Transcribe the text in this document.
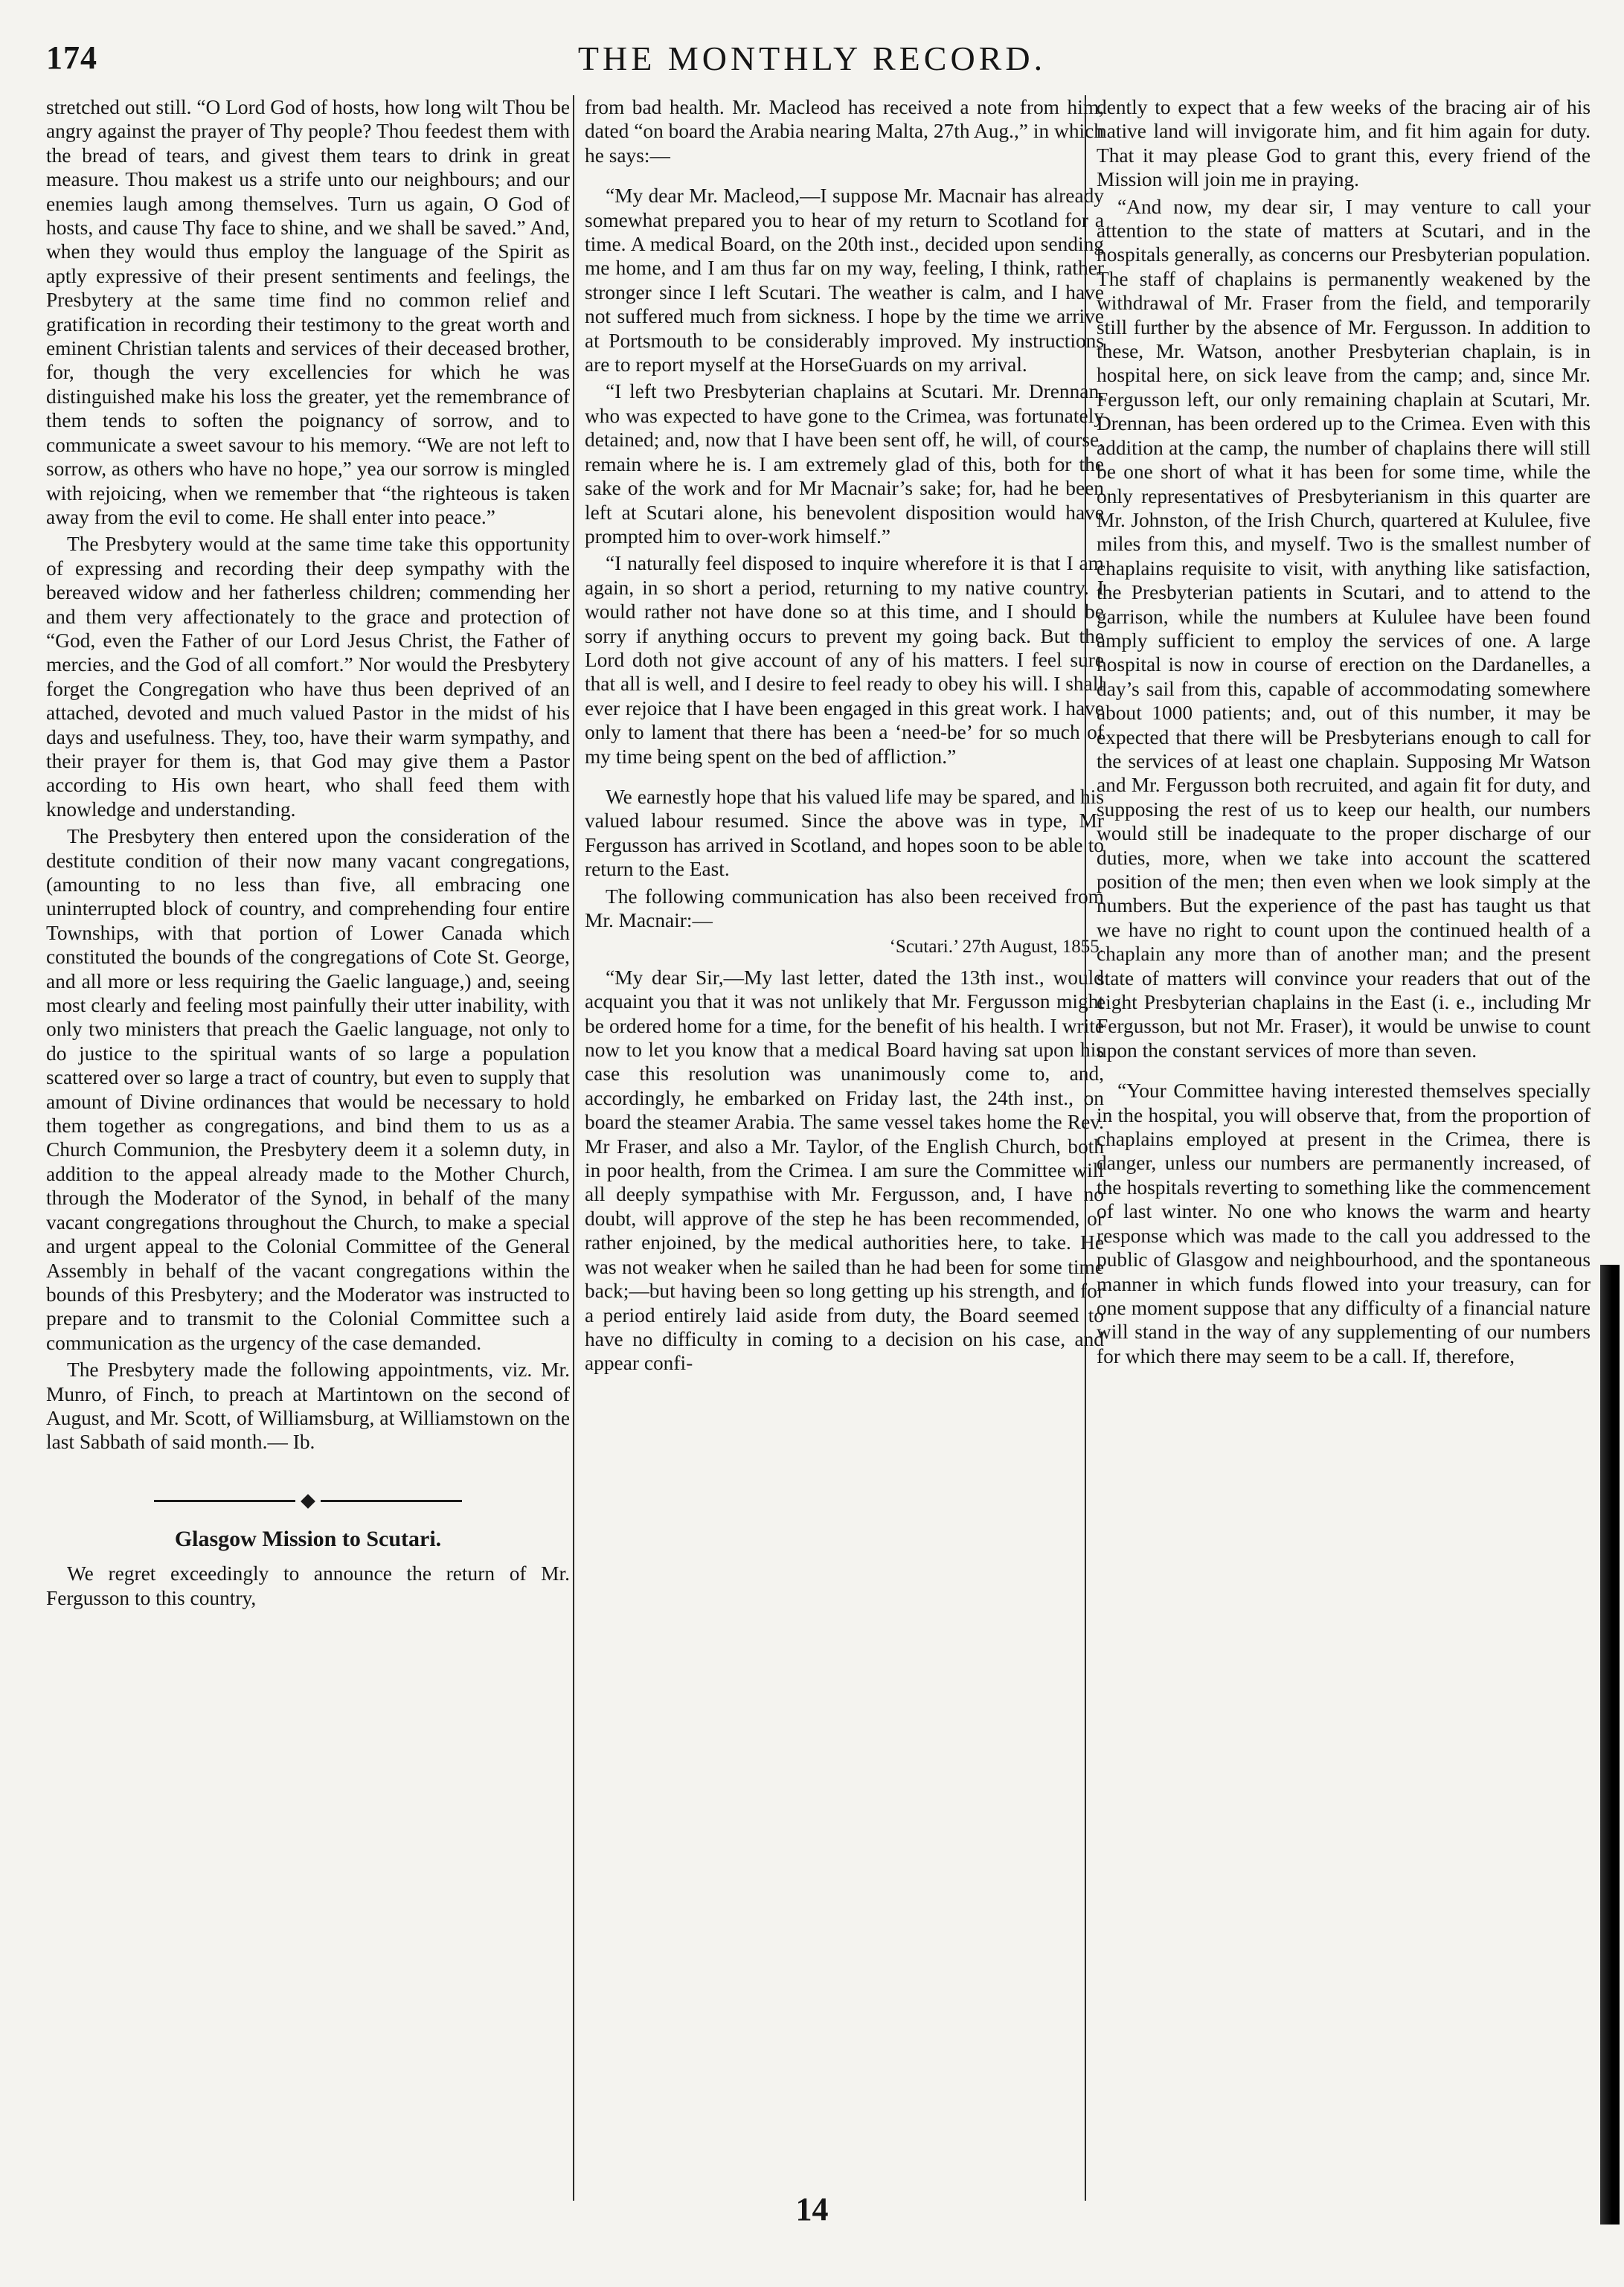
174	THE MONTHLY RECORD.

stretched out still. “O Lord God of hosts, how long wilt Thou be angry against the prayer of Thy people? Thou feedest them with the bread of tears, and givest them tears to drink in great measure. Thou makest us a strife unto our neighbours; and our enemies laugh among themselves. Turn us again, O God of hosts, and cause Thy face to shine, and we shall be saved.” And, when they would thus employ the language of the Spirit as aptly expressive of their present sentiments and feelings, the Presbytery at the same time find no common relief and gratification in recording their testimony to the great worth and eminent Christian talents and services of their deceased brother, for, though the very excellencies for which he was distinguished make his loss the greater, yet the remembrance of them tends to soften the poignancy of sorrow, and to communicate a sweet savour to his memory. “We are not left to sorrow, as others who have no hope,” yea our sorrow is mingled with rejoicing, when we remember that “the righteous is taken away from the evil to come. He shall enter into peace.”

The Presbytery would at the same time take this opportunity of expressing and recording their deep sympathy with the bereaved widow and her fatherless children; commending her and them very affectionately to the grace and protection of “God, even the Father of our Lord Jesus Christ, the Father of mercies, and the God of all comfort.” Nor would the Presbytery forget the Congregation who have thus been deprived of an attached, devoted and much valued Pastor in the midst of his days and usefulness. They, too, have their warm sympathy, and their prayer for them is, that God may give them a Pastor according to His own heart, who shall feed them with knowledge and understanding.

The Presbytery then entered upon the consideration of the destitute condition of their now many vacant congregations, (amounting to no less than five, all embracing one uninterrupted block of country, and comprehending four entire Townships, with that portion of Lower Canada which constituted the bounds of the congregations of Cote St. George, and all more or less requiring the Gaelic language,) and, seeing most clearly and feeling most painfully their utter inability, with only two ministers that preach the Gaelic language, not only to do justice to the spiritual wants of so large a population scattered over so large a tract of country, but even to supply that amount of Divine ordinances that would be necessary to hold them together as congregations, and bind them to us as a Church Communion, the Presbytery deem it a solemn duty, in addition to the appeal already made to the Mother Church, through the Moderator of the Synod, in behalf of the many vacant congregations throughout the Church, to make a special and urgent appeal to the Colonial Committee of the General Assembly in behalf of the vacant congregations within the bounds of this Presbytery; and the Moderator was instructed to prepare and to transmit to the Colonial Committee such a communication as the urgency of the case demanded.

The Presbytery made the following appointments, viz. Mr. Munro, of Finch, to preach at Martintown on the second of August, and Mr. Scott, of Williamsburg, at Williamstown on the last Sabbath of said month.— Ib.

Glasgow Mission to Scutari.

We regret exceedingly to announce the return of Mr. Fergusson to this country,

from bad health. Mr. Macleod has received a note from him, dated “on board the Arabia nearing Malta, 27th Aug.,” in which he says:—

“My dear Mr. Macleod,—I suppose Mr. Macnair has already somewhat prepared you to hear of my return to Scotland for a time. A medical Board, on the 20th inst., decided upon sending me home, and I am thus far on my way, feeling, I think, rather stronger since I left Scutari. The weather is calm, and I have not suffered much from sickness. I hope by the time we arrive at Portsmouth to be considerably improved. My instructions are to report myself at the HorseGuards on my arrival.

“I left two Presbyterian chaplains at Scutari. Mr. Drennan, who was expected to have gone to the Crimea, was fortunately detained; and, now that I have been sent off, he will, of course, remain where he is. I am extremely glad of this, both for the sake of the work and for Mr Macnair’s sake; for, had he been left at Scutari alone, his benevolent disposition would have prompted him to over-work himself.”

“I naturally feel disposed to inquire wherefore it is that I am again, in so short a period, returning to my native country. I would rather not have done so at this time, and I should be sorry if anything occurs to prevent my going back. But the Lord doth not give account of any of his matters. I feel sure that all is well, and I desire to feel ready to obey his will. I shall ever rejoice that I have been engaged in this great work. I have only to lament that there has been a ‘need-be’ for so much of my time being spent on the bed of affliction.”

We earnestly hope that his valued life may be spared, and his valued labour resumed. Since the above was in type, Mr Fergusson has arrived in Scotland, and hopes soon to be able to return to the East.

The following communication has also been received from Mr. Macnair:—

‘Scutari.’ 27th August, 1855.

“My dear Sir,—My last letter, dated the 13th inst., would acquaint you that it was not unlikely that Mr. Fergusson might be ordered home for a time, for the benefit of his health. I write now to let you know that a medical Board having sat upon his case this resolution was unanimously come to, and, accordingly, he embarked on Friday last, the 24th inst., on board the steamer Arabia. The same vessel takes home the Rev. Mr Fraser, and also a Mr. Taylor, of the English Church, both in poor health, from the Crimea. I am sure the Committee will all deeply sympathise with Mr. Fergusson, and, I have no doubt, will approve of the step he has been recommended, or rather enjoined, by the medical authorities here, to take. He was not weaker when he sailed than he had been for some time back;—but having been so long getting up his strength, and for a period entirely laid aside from duty, the Board seemed to have no difficulty in coming to a decision on his case, and appear confi-

dently to expect that a few weeks of the bracing air of his native land will invigorate him, and fit him again for duty. That it may please God to grant this, every friend of the Mission will join me in praying.

“And now, my dear sir, I may venture to call your attention to the state of matters at Scutari, and in the hospitals generally, as concerns our Presbyterian population. The staff of chaplains is permanently weakened by the withdrawal of Mr. Fraser from the field, and temporarily still further by the absence of Mr. Fergusson. In addition to these, Mr. Watson, another Presbyterian chaplain, is in hospital here, on sick leave from the camp; and, since Mr. Fergusson left, our only remaining chaplain at Scutari, Mr. Drennan, has been ordered up to the Crimea. Even with this addition at the camp, the number of chaplains there will still be one short of what it has been for some time, while the only representatives of Presbyterianism in this quarter are Mr. Johnston, of the Irish Church, quartered at Kululee, five miles from this, and myself. Two is the smallest number of chaplains requisite to visit, with anything like satisfaction, the Presbyterian patients in Scutari, and to attend to the garrison, while the numbers at Kululee have been found amply sufficient to employ the services of one. A large hospital is now in course of erection on the Dardanelles, a day’s sail from this, capable of accommodating somewhere about 1000 patients; and, out of this number, it may be expected that there will be Presbyterians enough to call for the services of at least one chaplain. Supposing Mr Watson and Mr. Fergusson both recruited, and again fit for duty, and supposing the rest of us to keep our health, our numbers would still be inadequate to the proper discharge of our duties, more, when we take into account the scattered position of the men; then even when we look simply at the numbers. But the experience of the past has taught us that we have no right to count upon the continued health of a chaplain any more than of another man; and the present state of matters will convince your readers that out of the eight Presbyterian chaplains in the East (i. e., including Mr Fergusson, but not Mr. Fraser), it would be unwise to count upon the constant services of more than seven.

“Your Committee having interested themselves specially in the hospital, you will observe that, from the proportion of chaplains employed at present in the Crimea, there is danger, unless our numbers are permanently increased, of the hospitals reverting to something like the commencement of last winter. No one who knows the warm and hearty response which was made to the call you addressed to the public of Glasgow and neighbourhood, and the spontaneous manner in which funds flowed into your treasury, can for one moment suppose that any difficulty of a financial nature will stand in the way of any supplementing of our numbers for which there may seem to be a call. If, therefore,

14
